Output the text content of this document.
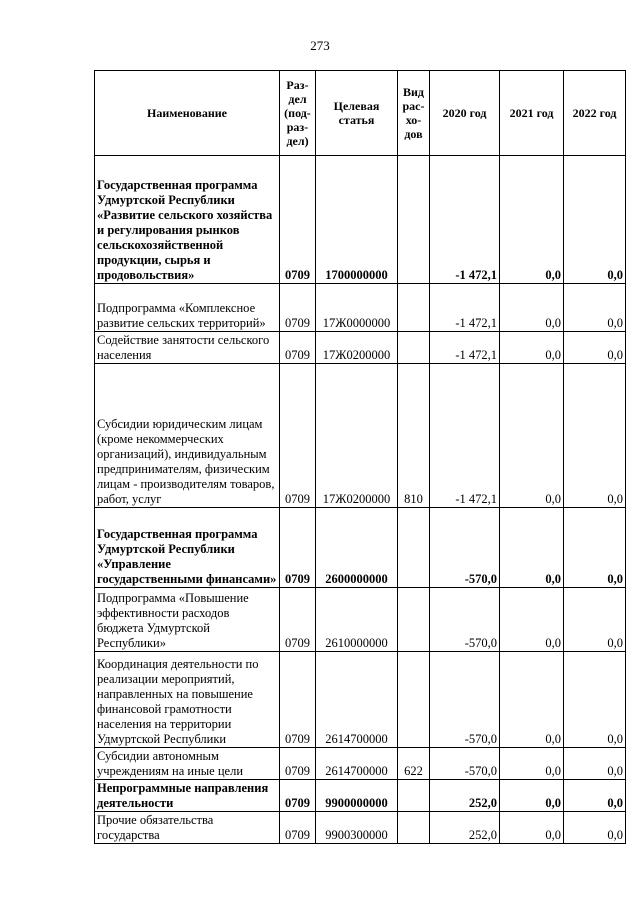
273
Наименование	Раз-дел (под-раз-дел)	Целевая статья	Вид рас-хо-дов	2020 год	2021 год	2022 год
Государственная программа Удмуртской Республики «Развитие сельского хозяйства и регулирования рынков сельскохозяйственной продукции, сырья и продовольствия»	0709	1700000000		-1 472,1	0,0	0,0
Подпрограмма «Комплексное развитие сельских территорий»	0709	17Ж0000000		-1 472,1	0,0	0,0
Содействие занятости сельского населения	0709	17Ж0200000		-1 472,1	0,0	0,0
Субсидии юридическим лицам (кроме некоммерческих организаций), индивидуальным предпринимателям, физическим лицам - производителям товаров, работ, услуг	0709	17Ж0200000	810	-1 472,1	0,0	0,0
Государственная программа Удмуртской Республики «Управление государственными финансами»	0709	2600000000		-570,0	0,0	0,0
Подпрограмма «Повышение эффективности расходов бюджета Удмуртской Республики»	0709	2610000000		-570,0	0,0	0,0
Координация деятельности по реализации мероприятий, направленных на повышение финансовой грамотности населения на территории Удмуртской Республики	0709	2614700000		-570,0	0,0	0,0
Субсидии автономным учреждениям на иные цели	0709	2614700000	622	-570,0	0,0	0,0
Непрограммные направления деятельности	0709	9900000000		252,0	0,0	0,0
Прочие обязательства государства	0709	9900300000		252,0	0,0	0,0
